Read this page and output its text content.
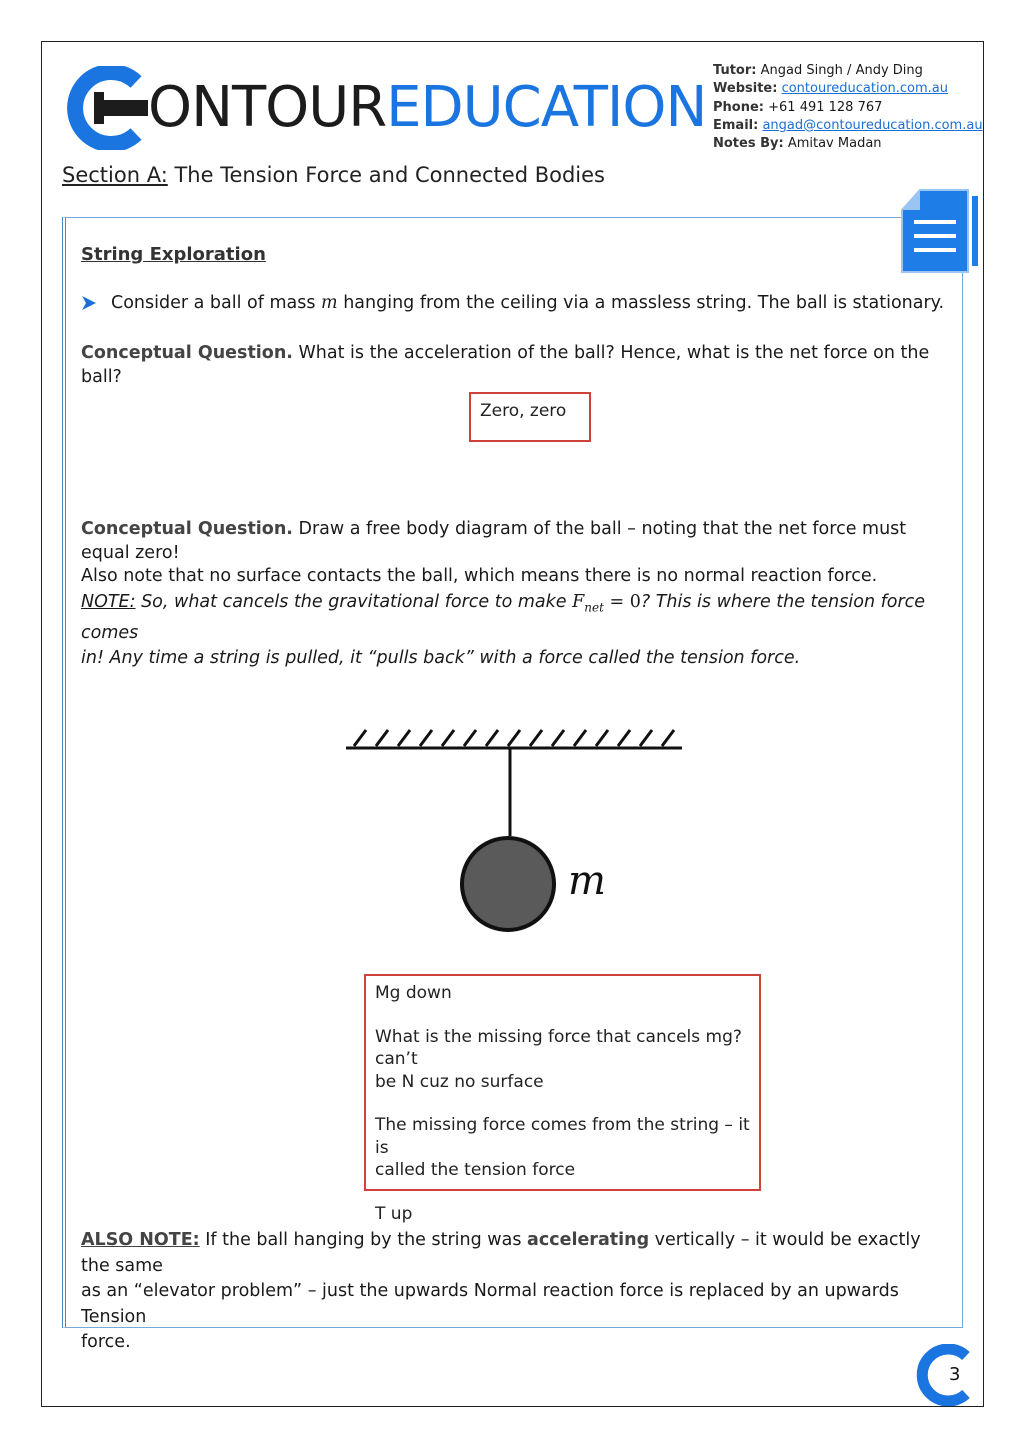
ONTOUREDUCATION
Tutor: Angad Singh / Andy Ding
Website: contoureducation.com.au
Phone: +61 491 128 767
Email: angad@contoureducation.com.au
Notes By: Amitav Madan
Section A: The Tension Force and Connected Bodies
String Exploration
Consider a ball of mass m hanging from the ceiling via a massless string. The ball is stationary.
Conceptual Question. What is the acceleration of the ball? Hence, what is the net force on the ball?
Zero, zero
Conceptual Question. Draw a free body diagram of the ball – noting that the net force must equal zero!
Also note that no surface contacts the ball, which means there is no normal reaction force.
NOTE: So, what cancels the gravitational force to make $F_{net} = 0$? This is where the tension force comes
in! Any time a string is pulled, it “pulls back” with a force called the tension force.
m
Mg down
What is the missing force that cancels mg? can’t
be N cuz no surface
The missing force comes from the string – it is
called the tension force
T up
ALSO NOTE: If the ball hanging by the string was accelerating vertically – it would be exactly the same
as an “elevator problem” – just the upwards Normal reaction force is replaced by an upwards Tension
force.
3
